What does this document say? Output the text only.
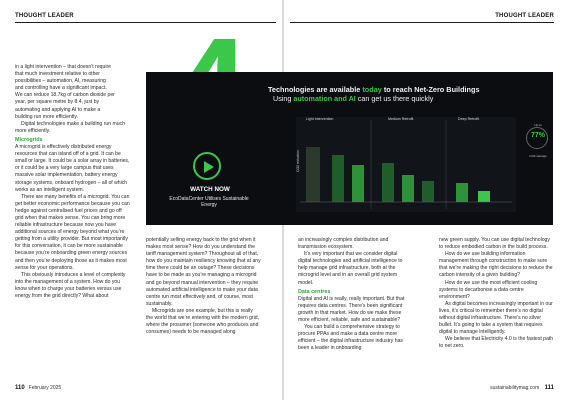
THOUGHT LEADER	THOUGHT LEADER

in a light intervention – that doesn’t require that much investment relative to other possibilities – automation, AI, measuring and controlling have a significant impact. We can reduce 18.7kg of carbon dioxide per year, per square metre by 8.4, just by automating and applying AI to make a building run more efficiently.

Digital technologies make a building run much more efficiently.

Microgrids

A microgrid is effectively distributed energy resources that can island off of a grid. It can be small or large. It could be a solar array in batteries, or it could be a very large campus that uses massive solar implementation, battery energy storage systems, onboard hydrogen – all of which works as an intelligent system.

There are many benefits of a microgrid. You can get better economic performance because you can hedge against centralised fuel prices and go off grid when that makes sense. You can bring more reliable infrastructure because now you have additional sources of energy beyond what you’re getting from a utility provider. But most importantly for this conversation, it can be more sustainable because you’re onboarding green energy sources and then you’re deploying those as it makes most sense for your operations.

This obviously introduces a level of complexity into the management of a system. How do you know when to charge your batteries versus use energy from the grid directly? What about

potentially selling energy back to the grid when it makes most sense? How do you understand the tariff management system? Throughout all of that, how do you maintain resiliency knowing that at any time there could be an outage? These decisions have to be made as you’re managing a microgrid and go beyond manual intervention – they require automated artificial intelligence to make your data centre run most effectively and, of course, most sustainably.

Microgrids are one example, but this is really the world that we’re entering with the modern grid, where the prosumer (someone who produces and consumes) needs to be managed along

an increasingly complex distribution and transmission ecosystem.

It’s very important that we consider digital digital technologies and artificial intelligence to help manage grid infrastructure, both at the microgrid level and in an overall grid system model.

Data centres

Digital and AI is really, really important. But that requires data centres. There’s been significant growth in that market. How do we make these more efficient, reliable, safe and sustainable?

You can build a comprehensive strategy to procure PPAs and make a data centre more efficient – the digital infrastructure industry has been a leader in onboarding

new green supply. You can use digital technology to reduce embodied carbon in the build process.

How do we use building information management through construction to make sure that we’re making the right decisions to reduce the carbon intensity of a given building?

How do we use the most efficient cooling systems to decarbonise a data centre environment?

As digital becomes increasingly important in our lives, it’s critical to remember there’s no digital without digital infrastructure. There’s no silver bullet. It’s going to take a system that requires digital to manage intelligently.

We believe that Electricity 4.0 is the fastest path to net zero.

Technologies are available today to reach Net-Zero Buildings
Using automation and AI can get us there quickly
Light intervention	Medium Retrofit	Deep Retrofit
CO2 reduction
Up to
77%
CO2 savings
WATCH NOW
EcoDataCenter Utilises Sustainable Energy
110 February 2025	sustainabilitymag.com 111
